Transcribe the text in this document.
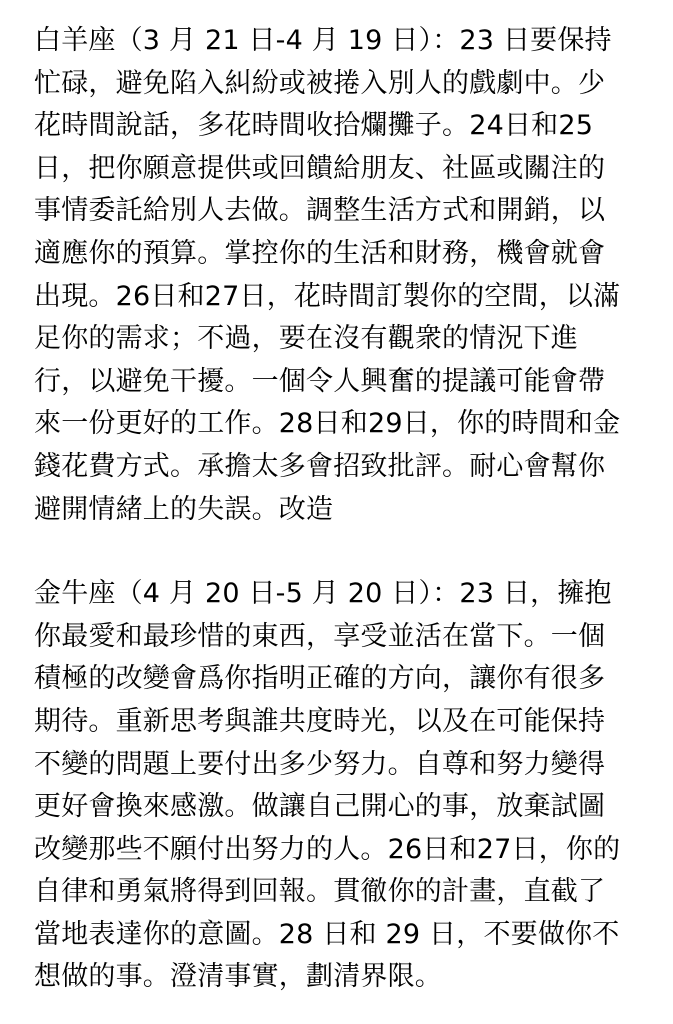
白羊座（3 月 21 日-4 月 19 日）：23 日要保持
忙碌，避免陷入糾紛或被捲入別人的戲劇中。少
花時間說話，多花時間收拾爛攤子。24日和25
日，把你願意提供或回饋給朋友、社區或關注的
事情委託給別人去做。調整生活方式和開銷，以
適應你的預算。掌控你的生活和財務，機會就會
出現。26日和27日，花時間訂製你的空間，以滿
足你的需求；不過，要在沒有觀衆的情況下進
行，以避免干擾。一個令人興奮的提議可能會帶
來一份更好的工作。28日和29日，你的時間和金
錢花費方式。承擔太多會招致批評。耐心會幫你
避開情緒上的失誤。改造
金牛座（4 月 20 日-5 月 20 日）：23 日，擁抱
你最愛和最珍惜的東西，享受並活在當下。一個
積極的改變會爲你指明正確的方向，讓你有很多
期待。重新思考與誰共度時光，以及在可能保持
不變的問題上要付出多少努力。自尊和努力變得
更好會換來感激。做讓自己開心的事，放棄試圖
改變那些不願付出努力的人。26日和27日，你的
自律和勇氣將得到回報。貫徹你的計畫，直截了
當地表達你的意圖。28 日和 29 日，不要做你不
想做的事。澄清事實，劃清界限。
